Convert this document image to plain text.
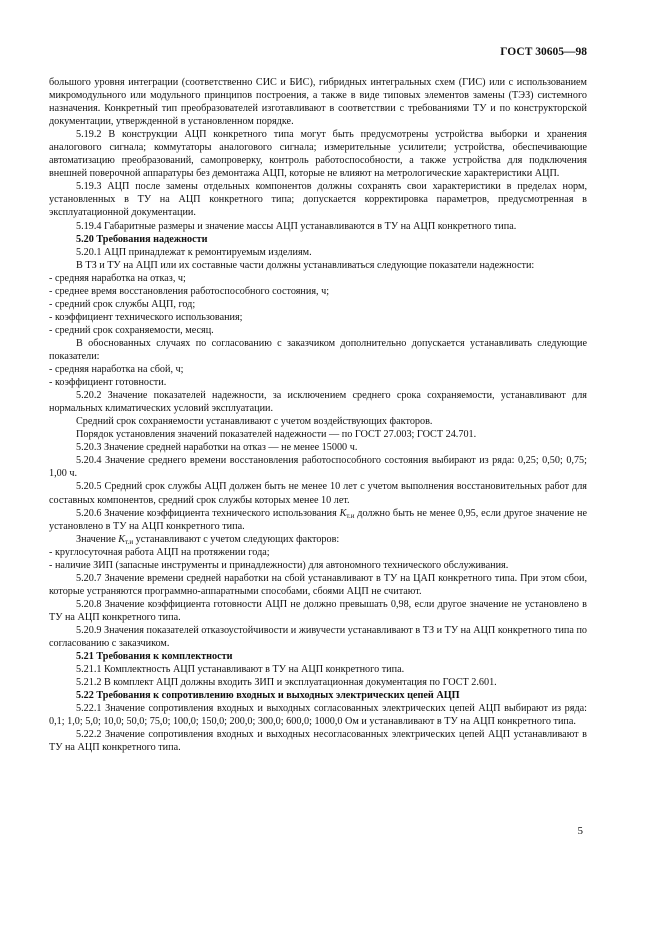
ГОСТ 30605—98

большого уровня интеграции (соответственно СИС и БИС), гибридных интегральных схем (ГИС) или с использованием микромодульного или модульного принципов построения, а также в виде типовых элементов замены (ТЭЗ) системного назначения. Конкретный тип преобразователей изготавливают в соответствии с требованиями ТУ и по конструкторской документации, утвержденной в установленном порядке.

5.19.2 В конструкции АЦП конкретного типа могут быть предусмотрены устройства выборки и хранения аналогового сигнала; коммутаторы аналогового сигнала; измерительные усилители; устройства, обеспечивающие автоматизацию преобразований, самопроверку, контроль работоспособности, а также устройства для подключения внешней поверочной аппаратуры без демонтажа АЦП, которые не влияют на метрологические характеристики АЦП.

5.19.3 АЦП после замены отдельных компонентов должны сохранять свои характеристики в пределах норм, установленных в ТУ на АЦП конкретного типа; допускается корректировка параметров, предусмотренная в эксплуатационной документации.

5.19.4 Габаритные размеры и значение массы АЦП устанавливаются в ТУ на АЦП конкретного типа.

5.20 Требования надежности

5.20.1 АЦП принадлежат к ремонтируемым изделиям.

В ТЗ и ТУ на АЦП или их составные части должны устанавливаться следующие показатели надежности:

- средняя наработка на отказ, ч;

- среднее время восстановления работоспособного состояния, ч;

- средний срок службы АЦП, год;

- коэффициент технического использования;

- средний срок сохраняемости, месяц.

В обоснованных случаях по согласованию с заказчиком дополнительно допускается устанавливать следующие показатели:

- средняя наработка на сбой, ч;

- коэффициент готовности.

5.20.2 Значение показателей надежности, за исключением среднего срока сохраняемости, устанавливают для нормальных климатических условий эксплуатации.

Средний срок сохраняемости устанавливают с учетом воздействующих факторов.

Порядок установления значений показателей надежности — по ГОСТ 27.003; ГОСТ 24.701.

5.20.3 Значение средней наработки на отказ — не менее 15000 ч.

5.20.4 Значение среднего времени восстановления работоспособного состояния выбирают из ряда: 0,25; 0,50; 0,75; 1,00 ч.

5.20.5 Средний срок службы АЦП должен быть не менее 10 лет с учетом выполнения восстановительных работ для составных компонентов, средний срок службы которых менее 10 лет.

5.20.6 Значение коэффициента технического использования $K_{т.и}$ должно быть не менее 0,95, если другое значение не установлено в ТУ на АЦП конкретного типа.

Значение $K_{т.и}$ устанавливают с учетом следующих факторов:

- круглосуточная работа АЦП на протяжении года;

- наличие ЗИП (запасные инструменты и принадлежности) для автономного технического обслуживания.

5.20.7 Значение времени средней наработки на сбой устанавливают в ТУ на ЦАП конкретного типа. При этом сбои, которые устраняются программно-аппаратными способами, сбоями АЦП не считают.

5.20.8 Значение коэффициента готовности АЦП не должно превышать 0,98, если другое значение не установлено в ТУ на АЦП конкретного типа.

5.20.9 Значения показателей отказоустойчивости и живучести устанавливают в ТЗ и ТУ на АЦП конкретного типа по согласованию с заказчиком.

5.21 Требования к комплектности

5.21.1 Комплектность АЦП устанавливают в ТУ на АЦП конкретного типа.

5.21.2 В комплект АЦП должны входить ЗИП и эксплуатационная документация по ГОСТ 2.601.

5.22 Требования к сопротивлению входных и выходных электрических цепей АЦП

5.22.1 Значение сопротивления входных и выходных согласованных электрических цепей АЦП выбирают из ряда: 0,1; 1,0; 5,0; 10,0; 50,0; 75,0; 100,0; 150,0; 200,0; 300,0; 600,0; 1000,0 Ом и устанавливают в ТУ на АЦП конкретного типа.

5.22.2 Значение сопротивления входных и выходных несогласованных электрических цепей АЦП устанавливают в ТУ на АЦП конкретного типа.

5
